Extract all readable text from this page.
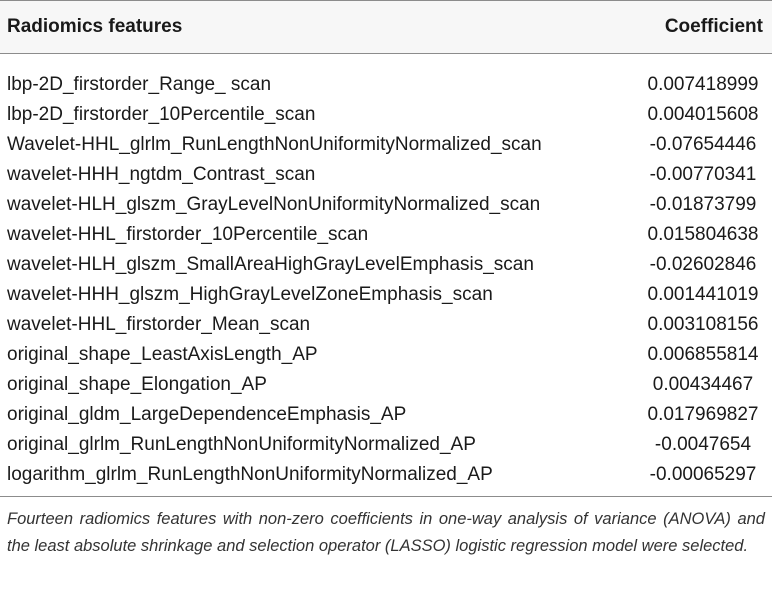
Radiomics features	Coefficient
lbp-2D_firstorder_Range_ scan	0.007418999
lbp-2D_firstorder_10Percentile_scan	0.004015608
Wavelet-HHL_glrlm_RunLengthNonUniformityNormalized_scan	-0.07654446
wavelet-HHH_ngtdm_Contrast_scan	-0.00770341
wavelet-HLH_glszm_GrayLevelNonUniformityNormalized_scan	-0.01873799
wavelet-HHL_firstorder_10Percentile_scan	0.015804638
wavelet-HLH_glszm_SmallAreaHighGrayLevelEmphasis_scan	-0.02602846
wavelet-HHH_glszm_HighGrayLevelZoneEmphasis_scan	0.001441019
wavelet-HHL_firstorder_Mean_scan	0.003108156
original_shape_LeastAxisLength_AP	0.006855814
original_shape_Elongation_AP	0.00434467
original_gldm_LargeDependenceEmphasis_AP	0.017969827
original_glrlm_RunLengthNonUniformityNormalized_AP	-0.0047654
logarithm_glrlm_RunLengthNonUniformityNormalized_AP	-0.00065297
Fourteen radiomics features with non-zero coefficients in one-way analysis of variance (ANOVA) and the least absolute shrinkage and selection operator (LASSO) logistic regression model were selected.
